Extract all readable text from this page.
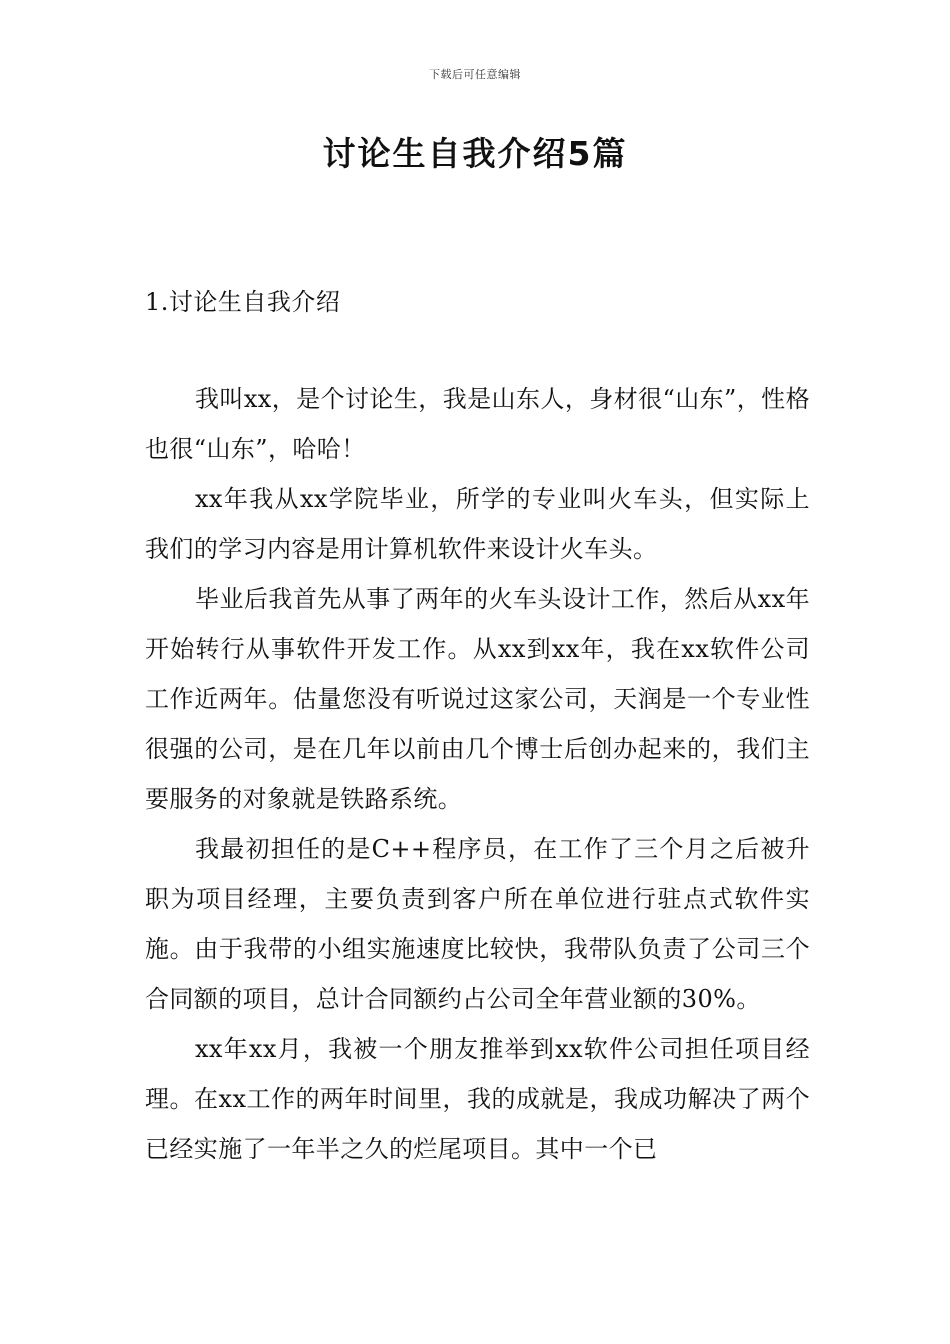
下载后可任意编辑
讨论生自我介绍5篇
1.讨论生自我介绍

我叫xx，是个讨论生，我是山东人，身材很“山东”，性格也很“山东”，哈哈！

xx年我从xx学院毕业，所学的专业叫火车头，但实际上我们的学习内容是用计算机软件来设计火车头。

毕业后我首先从事了两年的火车头设计工作，然后从xx年开始转行从事软件开发工作。从xx到xx年，我在xx软件公司工作近两年。估量您没有听说过这家公司，天润是一个专业性很强的公司，是在几年以前由几个博士后创办起来的，我们主要服务的对象就是铁路系统。

我最初担任的是C++程序员，在工作了三个月之后被升职为项目经理，主要负责到客户所在单位进行驻点式软件实施。由于我带的小组实施速度比较快，我带队负责了公司三个合同额的项目，总计合同额约占公司全年营业额的30%。

xx年xx月，我被一个朋友推举到xx软件公司担任项目经理。在xx工作的两年时间里，我的成就是，我成功解决了两个已经实施了一年半之久的烂尾项目。其中一个已
